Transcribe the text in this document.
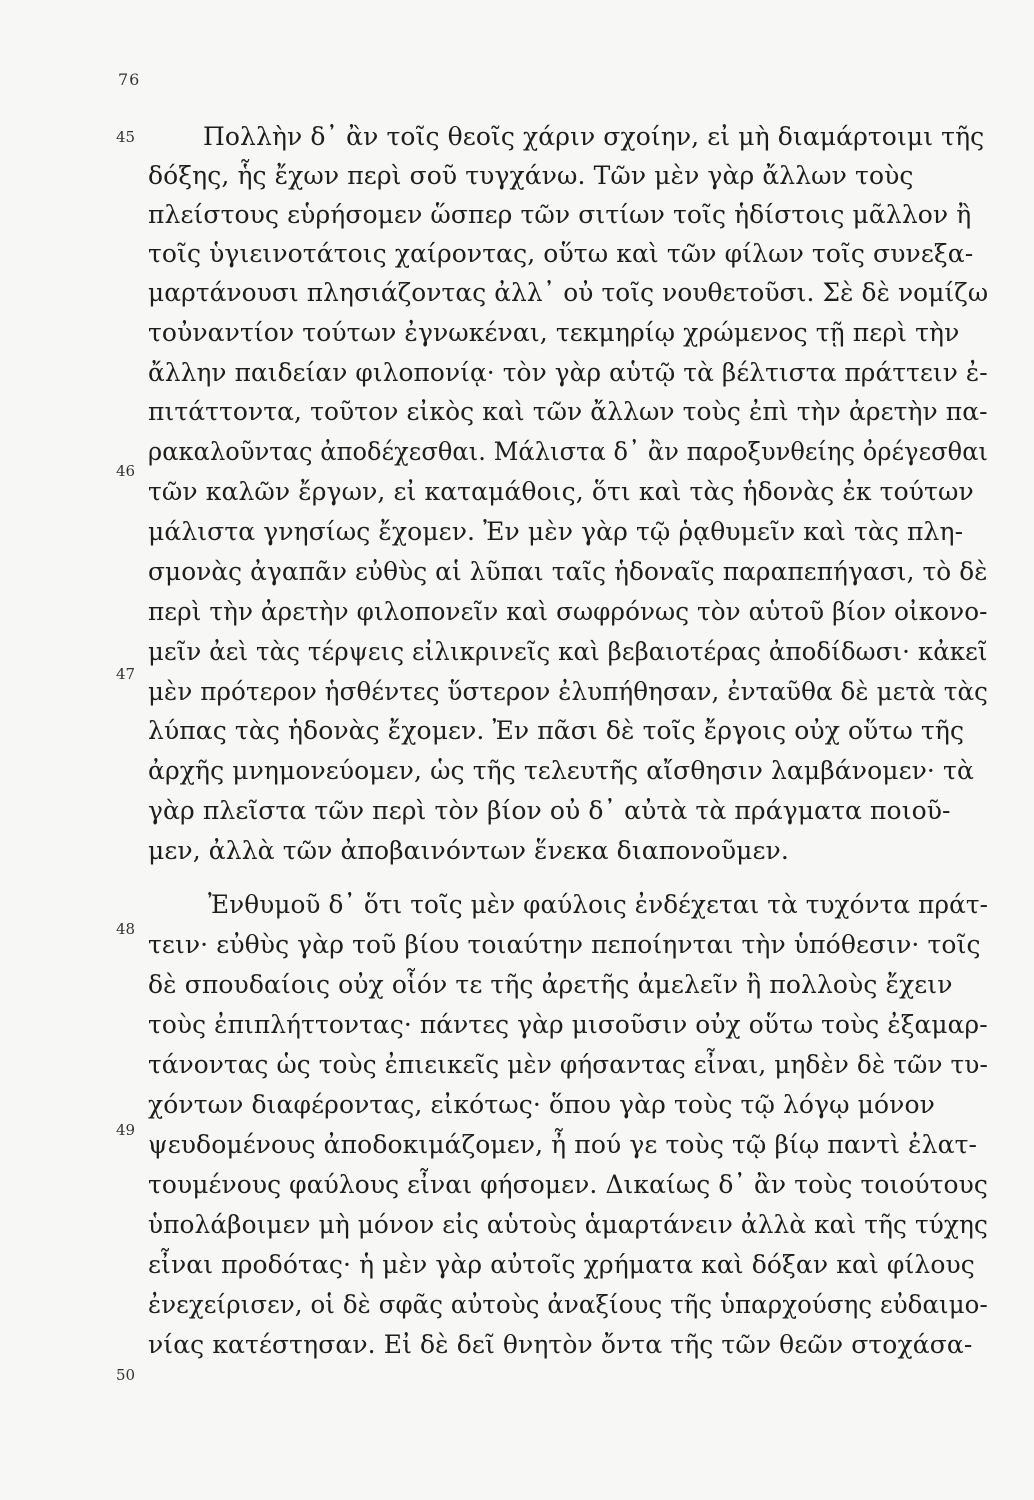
76
45
46
47
48
49
50
Πολλὴν δ᾽ ἂν τοῖς θεοῖς χάριν σχοίην, εἰ μὴ διαμάρτοιμι τῆς
δόξης, ἧς ἔχων περὶ σοῦ τυγχάνω. Τῶν μὲν γὰρ ἄλλων τοὺς
πλείστους εὑρήσομεν ὥσπερ τῶν σιτίων τοῖς ἡδίστοις μᾶλλον ἢ
τοῖς ὑγιεινοτάτοις χαίροντας, οὕτω καὶ τῶν φίλων τοῖς συνεξα-
μαρτάνουσι πλησιάζοντας ἀλλ᾽ οὐ τοῖς νουθετοῦσι. Σὲ δὲ νομίζω
τοὐναντίον τούτων ἐγνωκέναι, τεκμηρίῳ χρώμενος τῇ περὶ τὴν
ἄλλην παιδείαν φιλοπονίᾳ· τὸν γὰρ αὑτῷ τὰ βέλτιστα πράττειν ἐ-
πιτάττοντα, τοῦτον εἰκὸς καὶ τῶν ἄλλων τοὺς ἐπὶ τὴν ἀρετὴν πα-
ρακαλοῦντας ἀποδέχεσθαι. Μάλιστα δ᾽ ἂν παροξυνθείης ὀρέγεσθαι
τῶν καλῶν ἔργων, εἰ καταμάθοις, ὅτι καὶ τὰς ἡδονὰς ἐκ τούτων
μάλιστα γνησίως ἔχομεν. Ἐν μὲν γὰρ τῷ ῥᾳθυμεῖν καὶ τὰς πλη-
σμονὰς ἀγαπᾶν εὐθὺς αἱ λῦπαι ταῖς ἡδοναῖς παραπεπήγασι, τὸ δὲ
περὶ τὴν ἀρετὴν φιλοπονεῖν καὶ σωφρόνως τὸν αὑτοῦ βίον οἰκονο-
μεῖν ἀεὶ τὰς τέρψεις εἰλικρινεῖς καὶ βεβαιοτέρας ἀποδίδωσι· κἀκεῖ
μὲν πρότερον ἡσθέντες ὕστερον ἐλυπήθησαν, ἐνταῦθα δὲ μετὰ τὰς
λύπας τὰς ἡδονὰς ἔχομεν. Ἐν πᾶσι δὲ τοῖς ἔργοις οὐχ οὕτω τῆς
ἀρχῆς μνημονεύομεν, ὡς τῆς τελευτῆς αἴσθησιν λαμβάνομεν· τὰ
γὰρ πλεῖστα τῶν περὶ τὸν βίον οὐ δ᾽ αὐτὰ τὰ πράγματα ποιοῦ-
μεν, ἀλλὰ τῶν ἀποβαινόντων ἕνεκα διαπονοῦμεν.
Ἐνθυμοῦ δ᾽ ὅτι τοῖς μὲν φαύλοις ἐνδέχεται τὰ τυχόντα πράτ-
τειν· εὐθὺς γὰρ τοῦ βίου τοιαύτην πεποίηνται τὴν ὑπόθεσιν· τοῖς
δὲ σπουδαίοις οὐχ οἷόν τε τῆς ἀρετῆς ἀμελεῖν ἢ πολλοὺς ἔχειν
τοὺς ἐπιπλήττοντας· πάντες γὰρ μισοῦσιν οὐχ οὕτω τοὺς ἐξαμαρ-
τάνοντας ὡς τοὺς ἐπιεικεῖς μὲν φήσαντας εἶναι, μηδὲν δὲ τῶν τυ-
χόντων διαφέροντας, εἰκότως· ὅπου γὰρ τοὺς τῷ λόγῳ μόνον
ψευδομένους ἀποδοκιμάζομεν, ἦ πού γε τοὺς τῷ βίῳ παντὶ ἐλατ-
τουμένους φαύλους εἶναι φήσομεν. Δικαίως δ᾽ ἂν τοὺς τοιούτους
ὑπολάβοιμεν μὴ μόνον εἰς αὑτοὺς ἁμαρτάνειν ἀλλὰ καὶ τῆς τύχης
εἶναι προδότας· ἡ μὲν γὰρ αὐτοῖς χρήματα καὶ δόξαν καὶ φίλους
ἐνεχείρισεν, οἱ δὲ σφᾶς αὐτοὺς ἀναξίους τῆς ὑπαρχούσης εὐδαιμο-
νίας κατέστησαν. Εἰ δὲ δεῖ θνητὸν ὄντα τῆς τῶν θεῶν στοχάσα-
